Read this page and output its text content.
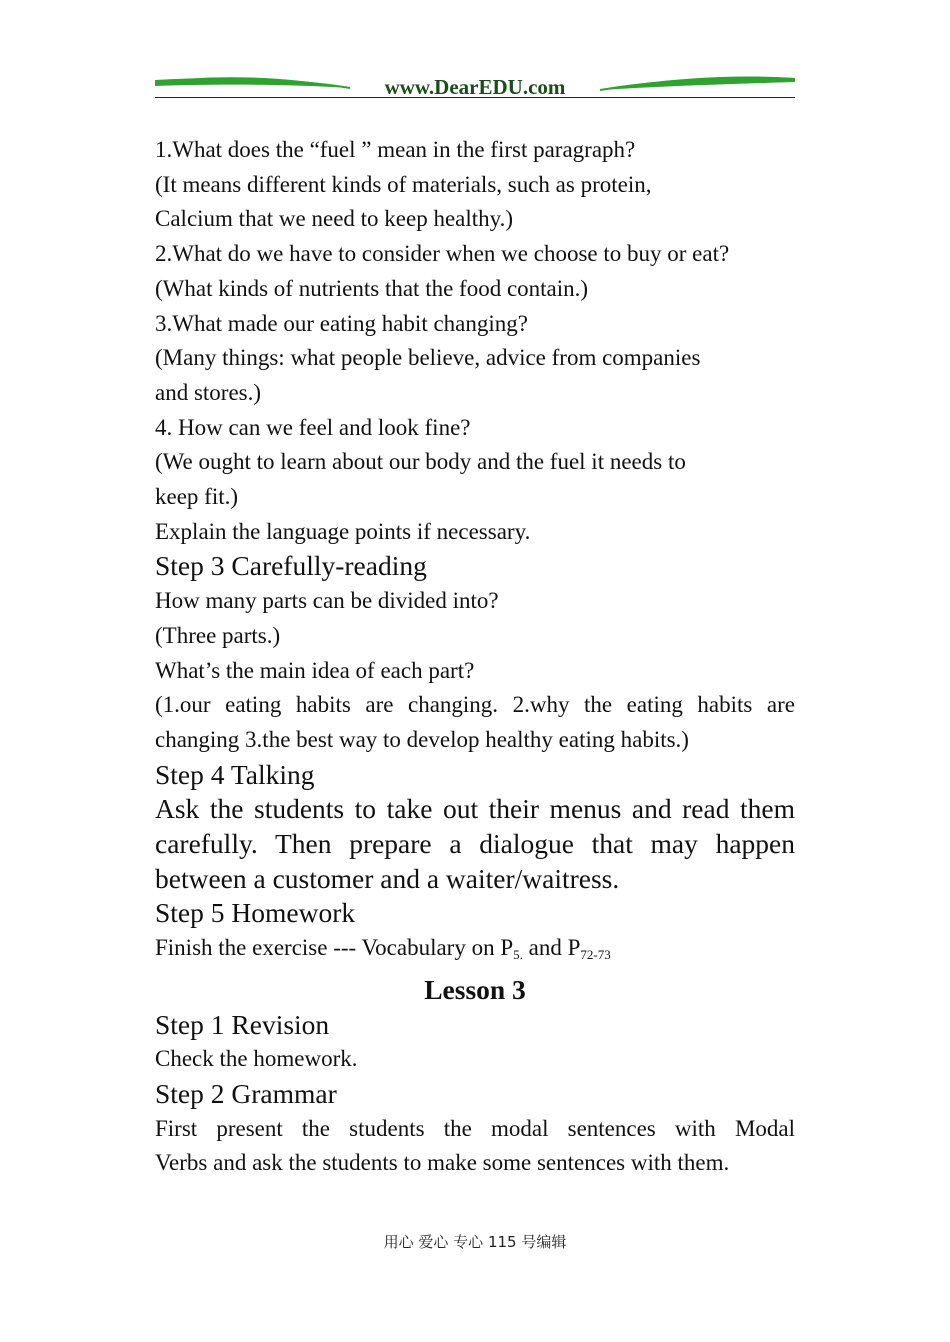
www.DearEDU.com

1.What does the “fuel ” mean in the first paragraph?

(It means different kinds of materials, such as protein,

Calcium that we need to keep healthy.)

2.What do we have to consider when we choose to buy or eat?

(What kinds of nutrients that the food contain.)

3.What made our eating habit changing?

(Many things: what people believe, advice from companies

and stores.)

4. How can we feel and look fine?

(We ought to learn about our body and the fuel it needs to

keep fit.)

Explain the language points if necessary.

Step 3 Carefully-reading

How many parts can be divided into?

(Three parts.)

What’s the main idea of each part?

(1.our eating habits are changing. 2.why the eating habits are
changing 3.the best way to develop healthy eating habits.)

Step 4 Talking

Ask the students to take out their menus and read them
carefully. Then prepare a dialogue that may happen
between a customer and a waiter/waitress.

Step 5 Homework

Finish the exercise --- Vocabulary on $P_{5.}$ and $P_{72-73}$

Lesson 3

Step 1 Revision

Check the homework.

Step 2 Grammar

First present the students the modal sentences with Modal
Verbs and ask the students to make some sentences with them.
用心 爱心 专心 115 号编辑
